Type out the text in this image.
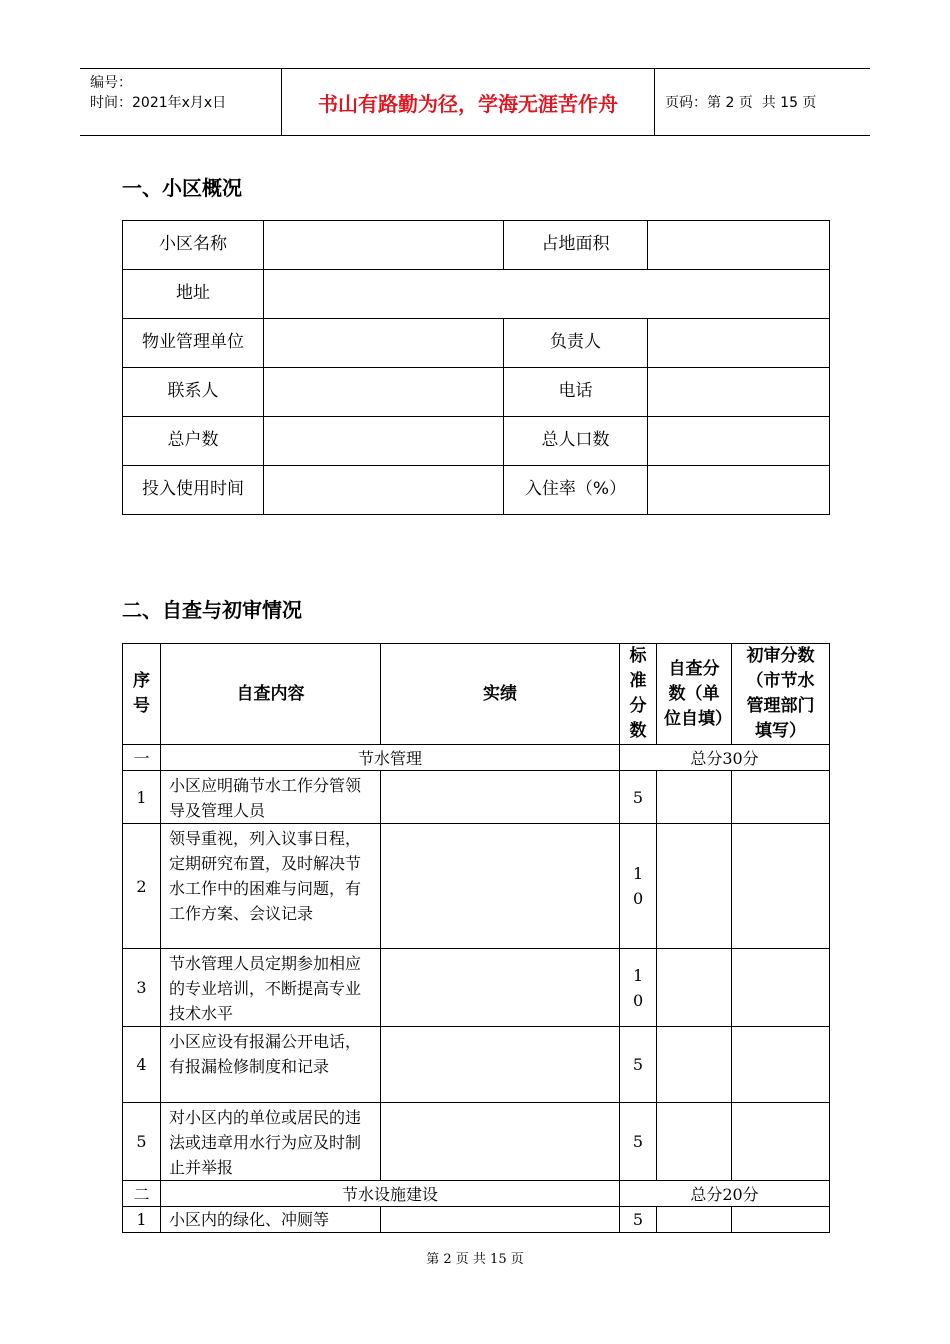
编号：
时间：2021年x月x日	书山有路勤为径，学海无涯苦作舟	页码：第 2 页  共 15 页
一、小区概况
小区名称		占地面积	
地址			
物业管理单位		负责人	
联系人		电话	
总户数		总人口数	
投入使用时间		入住率（%）	
二、自查与初审情况
序号	自查内容	实绩	标准分数	自查分数（单位自填）	初审分数（市节水管理部门填写）
一	节水管理		总分30分		
1	小区应明确节水工作分管领导及管理人员		5		
2	领导重视，列入议事日程，定期研究布置，及时解决节水工作中的困难与问题，有工作方案、会议记录		10		
3	节水管理人员定期参加相应的专业培训，不断提高专业技术水平		10		
4	小区应设有报漏公开电话，有报漏检修制度和记录		5		
5	对小区内的单位或居民的违法或违章用水行为应及时制止并举报		5		
二	节水设施建设		总分20分		
1	小区内的绿化、冲厕等		5		
第 2 页 共 15 页
